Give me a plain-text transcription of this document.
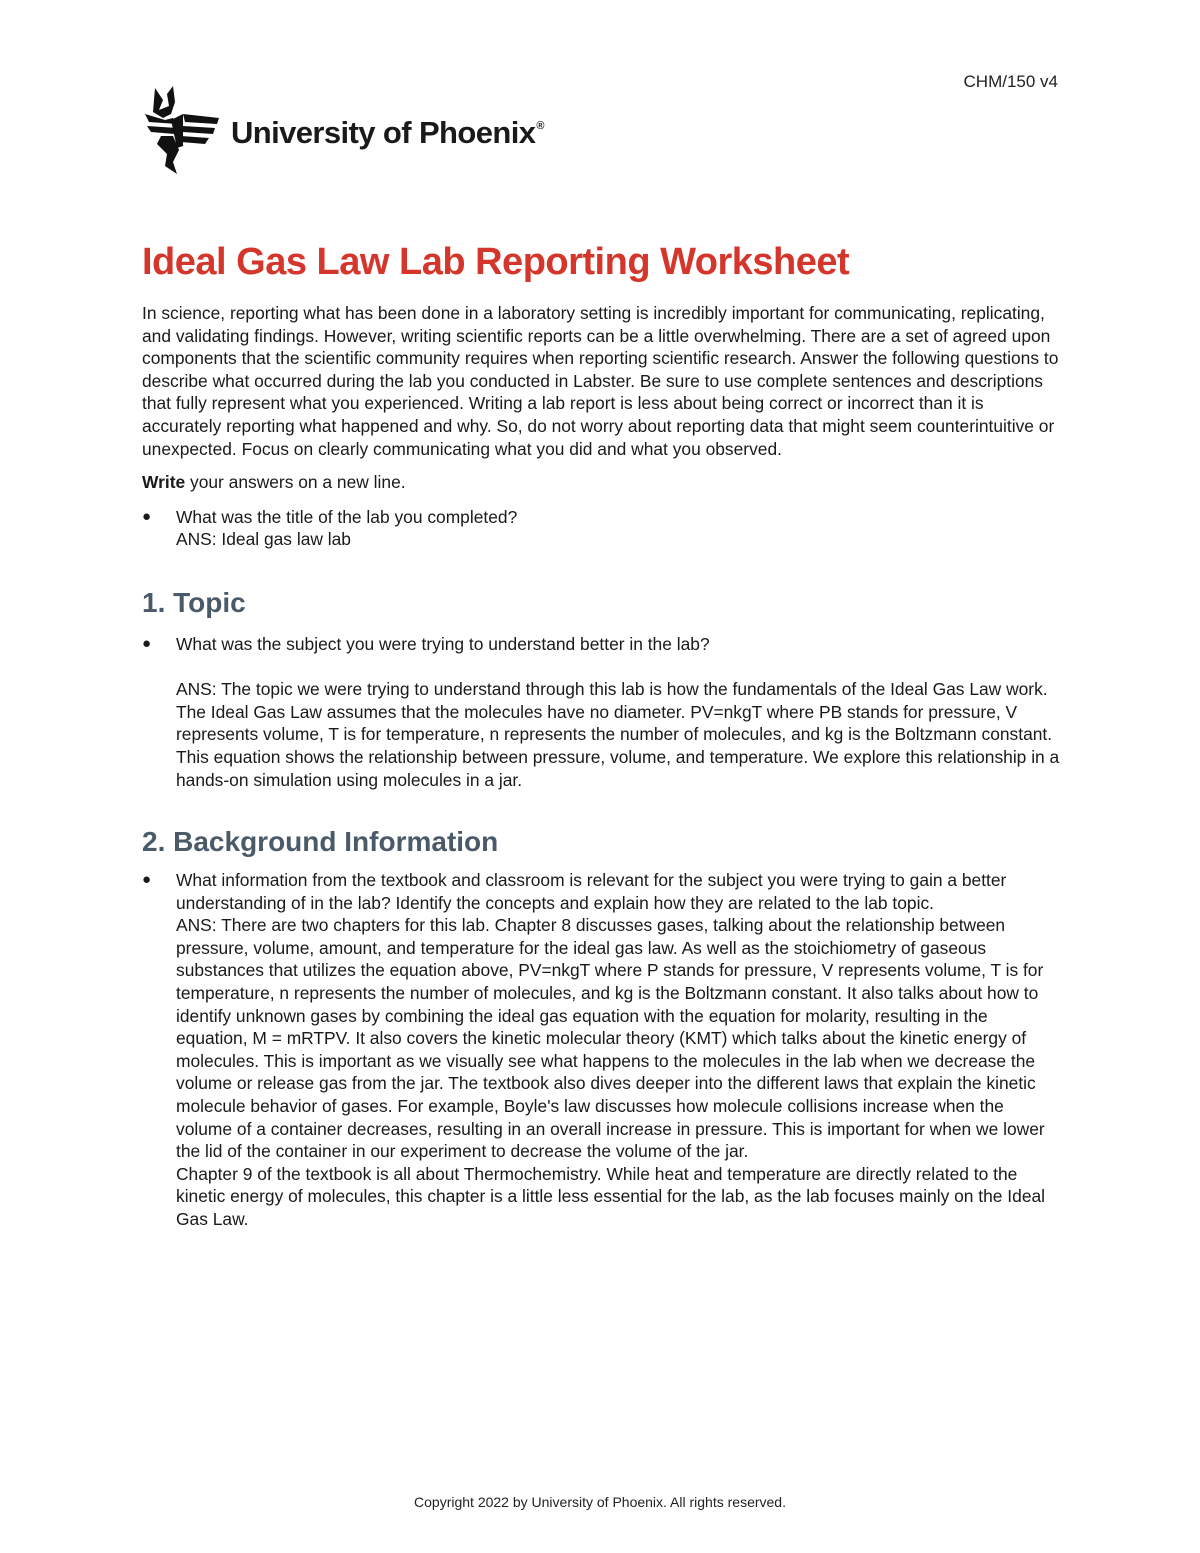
CHM/150 v4
University of Phoenix®
Ideal Gas Law Lab Reporting Worksheet

In science, reporting what has been done in a laboratory setting is incredibly important for communicating, replicating, and validating findings. However, writing scientific reports can be a little overwhelming. There are a set of agreed upon components that the scientific community requires when reporting scientific research. Answer the following questions to describe what occurred during the lab you conducted in Labster. Be sure to use complete sentences and descriptions that fully represent what you experienced. Writing a lab report is less about being correct or incorrect than it is accurately reporting what happened and why. So, do not worry about reporting data that might seem counterintuitive or unexpected. Focus on clearly communicating what you did and what you observed.

Write your answers on a new line.

● What was the title of the lab you completed?
ANS: Ideal gas law lab
1. Topic
● What was the subject you were trying to understand better in the lab?
ANS: The topic we were trying to understand through this lab is how the fundamentals of the Ideal Gas Law work. The Ideal Gas Law assumes that the molecules have no diameter. PV=nkgT where PB stands for pressure, V represents volume, T is for temperature, n represents the number of molecules, and kg is the Boltzmann constant. This equation shows the relationship between pressure, volume, and temperature. We explore this relationship in a hands-on simulation using molecules in a jar.
2. Background Information
● What information from the textbook and classroom is relevant for the subject you were trying to gain a better understanding of in the lab? Identify the concepts and explain how they are related to the lab topic.
ANS: There are two chapters for this lab. Chapter 8 discusses gases, talking about the relationship between pressure, volume, amount, and temperature for the ideal gas law. As well as the stoichiometry of gaseous substances that utilizes the equation above, PV=nkgT where P stands for pressure, V represents volume, T is for temperature, n represents the number of molecules, and kg is the Boltzmann constant. It also talks about how to identify unknown gases by combining the ideal gas equation with the equation for molarity, resulting in the equation, M = mRTPV. It also covers the kinetic molecular theory (KMT) which talks about the kinetic energy of molecules. This is important as we visually see what happens to the molecules in the lab when we decrease the volume or release gas from the jar. The textbook also dives deeper into the different laws that explain the kinetic molecule behavior of gases. For example, Boyle's law discusses how molecule collisions increase when the volume of a container decreases, resulting in an overall increase in pressure. This is important for when we lower the lid of the container in our experiment to decrease the volume of the jar.
Chapter 9 of the textbook is all about Thermochemistry. While heat and temperature are directly related to the kinetic energy of molecules, this chapter is a little less essential for the lab, as the lab focuses mainly on the Ideal Gas Law.
Copyright 2022 by University of Phoenix. All rights reserved.
